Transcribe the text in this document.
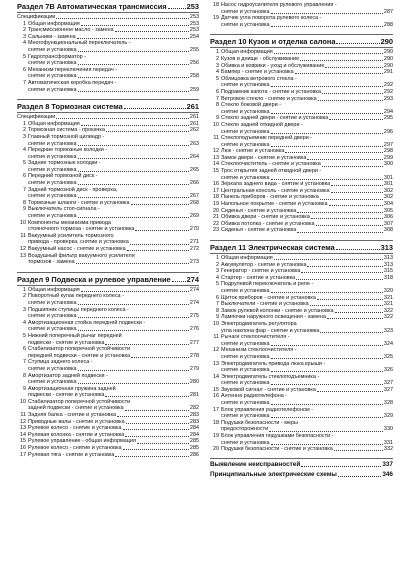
Раздел 7В Автоматическая трансмиссия	253
Спецификации	253
1 Общая информация	253
2 Трансмиссионное масло - замена	253
3 Сальники - замена	254
4 Многофункциональный переключатель -
снятие и установка	255
5 Гидротрансформатор -
снятие и установка	256
6 Механизм переключения передач -
снятие и установка	258
7 Автоматическая коробка передач -
снятие и установка	259
Раздел 8 Тормозная система	261
Спецификации	261
1 Общая информация	261
2 Тормозная система - прокачка	262
3 Главный тормозной цилиндр -
снятие и установка	263
4 Передние тормозные колодки -
снятие и установка	264
5 Задние тормозные колодки -
снятие и установка	265
6 Передний тормозной диск -
снятие и установка	266
7 Задний тормозной диск - проверка,
снятие и установка	267
8 Тормозные шланги - снятие и установка	268
9 Выключатель стоп-сигнала -
снятие и установка	269
10 Компоненты механизма привода
стояночного тормоза - снятие и установка	270
11 Вакуумный усилитель тормозного
привода - проверка, снятие и установка	271
12 Вакуумный насос - снятие и установка	272
13 Воздушный фильтр вакуумного усилителя
тормозов - замена	273
Раздел 9 Подвеска и рулевое управление 274
1 Общая информация	274
2 Поворотный кулак переднего колеса -
снятие и установка	274
3 Подшипник ступицы переднего колеса -
снятие и установка	275
4 Амортизационная стойка передней подвески -
снятие и установка	276
5 Нижний поперечный рычаг передней
подвески - снятие и установка	277
6 Стабилизатор поперечной устойчивости
передней подвески - снятие и установка	278
7 Ступица заднего колеса -
снятие и установка	279
8 Амортизатор задней подвески -
снятие и установка	280
9 Амортизационная пружина задней
подвески - снятие и установка	281
10 Стабилизатор поперечной устойчивости
задней подвески - снятие и установка	282
11 Задняя балка - снятие и установка	283
12 Приводные валы - снятие и установка	283
13 Рулевое колесо - снятие и установка	284
14 Рулевая колонка - снятие и установка	284
15 Рулевое управление - общая информация	285
16 Рулевое колесо - снятие и установка	285
17 Рулевая тяга - снятие и установка	286
18 Насос гидроусилителя рулевого управления -
снятие и установка	287
19 Датчик угла поворота рулевого колеса -
снятие и установка	288
Раздел 10 Кузов и отделка салона	290
1 Общая информация	290
2 Кузов и днище - обслуживание	290
3 Обивка и коврики - уход и обслуживание	290
4 Бампер - снятие и установка	291
5 Облицовка ветрового стекла -
снятие и установка	292
6 Подрамник капота - снятие и установка	292
7 Ветровое стекло - снятие и установка	293
8 Стекло боковой двери -
снятие и установка	294
9 Стекло задней двери - снятие и установка	295
10 Стекло задней откидной двери -
снятие и установка	296
11 Стеклоподъемник передней двери -
снятие и установка	297
12 Люк - снятие и установка	298
13 Замок двери - снятие и установка	299
14 Стеклоочиститель - снятие и установка	300
15 Трос открытия задней откидной двери -
снятие и установка	301
16 Зеркала заднего вида - снятие и установка	301
17 Центральная консоль - снятие и установка	302
18 Панель приборов - снятие и установка	302
19 Напольное покрытие - снятие и установка	304
20 Сиденья - снятие и установка	305
21 Обивка двери - снятие и установка	306
22 Обивка потолка - снятие и установка	307
23 Сиденья - снятие и установка	308
Раздел 11 Электрическая система	313
1 Общая информация	313
2 Аккумулятор - снятие и установка	313
3 Генератор - снятие и установка	315
4 Стартер - снятие и установка	318
5 Подрулевой переключатель и реле -
снятие и установка	320
6 Щиток приборов - снятие и установка	321
7 Выключатели - снятие и установка	321
8 Замок рулевой колонки - снятие и установка	322
9 Лампочки наружного освещения - замена	322
10 Электродвигатель регулятора
угла наклона фар - снятие и установка	323
11 Рычаги стеклоочистителя -
снятие и установка	324
12 Механизм стеклоочистителя -
снятие и установка	325
13 Электродвигатель привода люка крыши -
снятие и установка	326
14 Электродвигатель стеклоподъемника -
снятие и установка	327
15 Звуковой сигнал - снятие и установка	327
16 Антенна радиотелефона -
снятие и установка	328
17 Блок управления радиотелефоном -
снятие и установка	329
18 Подушки безопасности - меры
предосторожности	330
19 Блок управления подушками безопасности -
снятие и установка	331
20 Подушки безопасности - снятие и установка	332
Выявление неисправностей	337
Принципиальные электрические схемы	346
